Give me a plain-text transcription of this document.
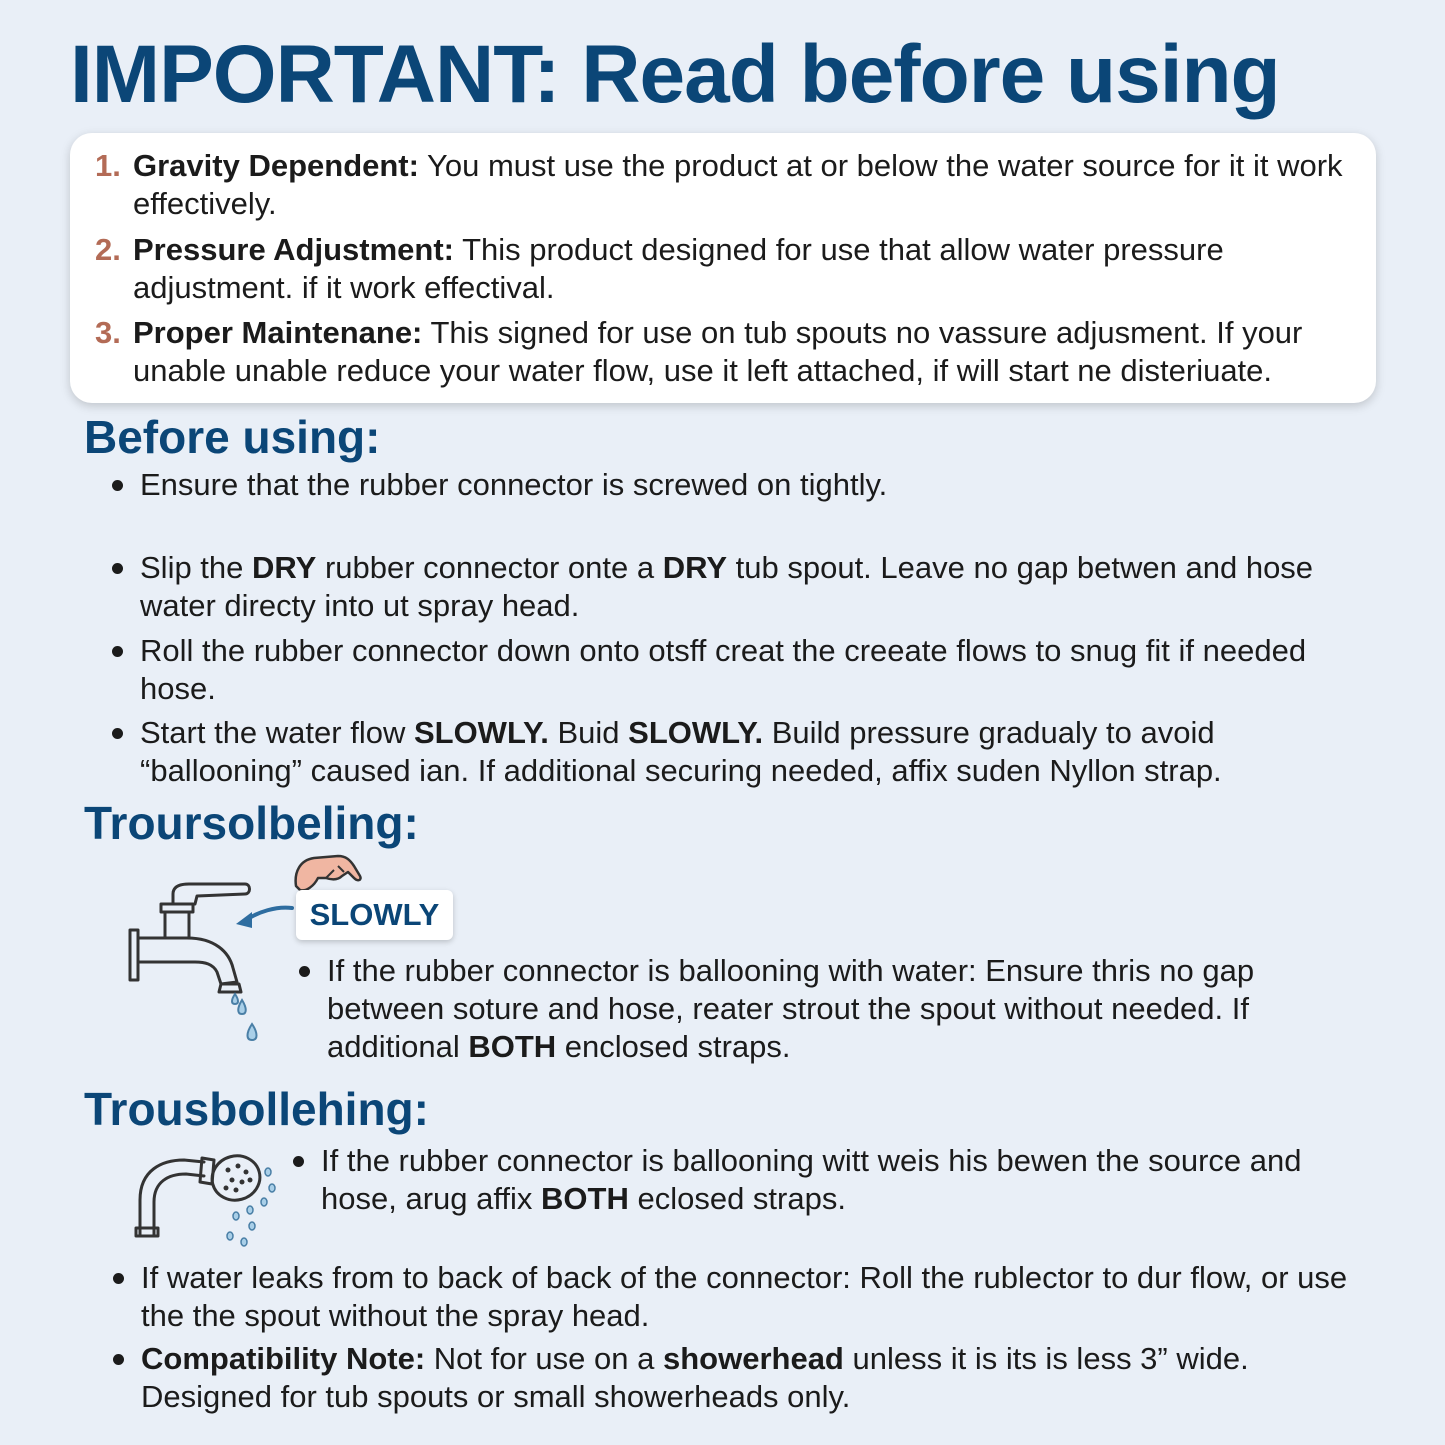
IMPORTANT: Read before using
1. Gravity Dependent: You must use the product at or below the water source for it it work effectively.
2. Pressure Adjustment: This product designed for use that allow water pressure adjustment. if it work effectival.
3. Proper Maintenane: This signed for use on tub spouts no vassure adjusment. If your unable unable reduce your water flow, use it left attached, if will start ne disteriuate.
Before using:
Ensure that the rubber connector is screwed on tightly.
Slip the DRY rubber connector onte a DRY tub spout. Leave no gap betwen and hose water directy into ut spray head.
Roll the rubber connector down onto otsff creat the creeate flows to snug fit if needed hose.
Start the water flow SLOWLY. Buid SLOWLY. Build pressure gradualy to avoid “ballooning” caused ian. If additional securing needed, affix suden Nyllon strap.
Troursolbeling:
SLOWLY
If the rubber connector is ballooning with water: Ensure thris no gap between soture and hose, reater strout the spout without needed. If additional BOTH enclosed straps.
Trousbollehing:
If the rubber connector is ballooning witt weis his bewen the source and hose, arug affix BOTH eclosed straps.
If water leaks from to back of back of the connector: Roll the rublector to dur flow, or use the the spout without the spray head.
Compatibility Note: Not for use on a showerhead unless it is its is less 3” wide. Designed for tub spouts or small showerheads only.
